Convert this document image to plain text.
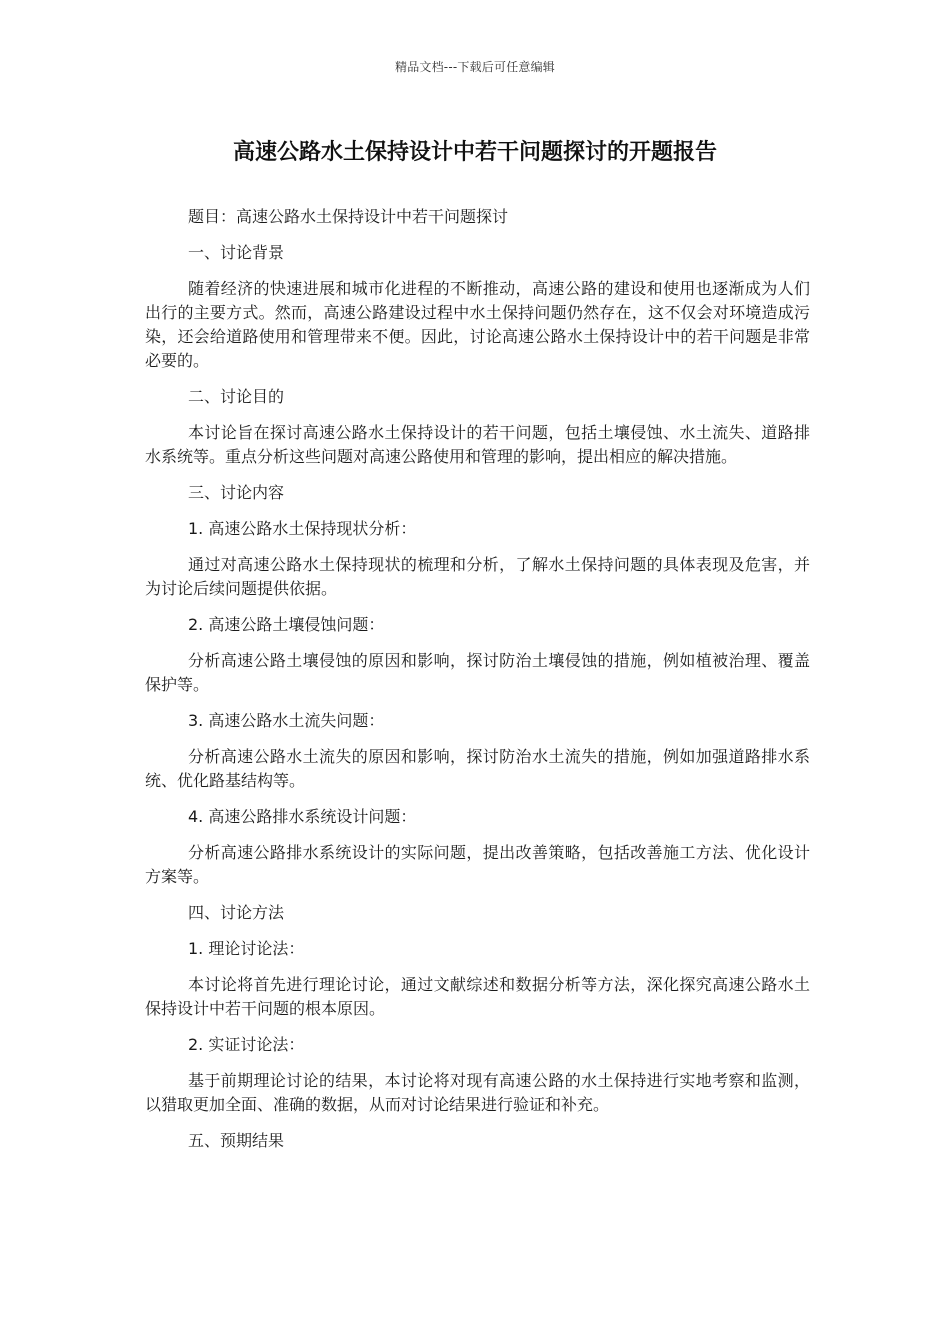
精品文档---下载后可任意编辑
高速公路水土保持设计中若干问题探讨的开题报告

题目：高速公路水土保持设计中若干问题探讨

一、讨论背景

随着经济的快速进展和城市化进程的不断推动，高速公路的建设和使用也逐渐成为人们出行的主要方式。然而，高速公路建设过程中水土保持问题仍然存在，这不仅会对环境造成污染，还会给道路使用和管理带来不便。因此，讨论高速公路水土保持设计中的若干问题是非常必要的。

二、讨论目的

本讨论旨在探讨高速公路水土保持设计的若干问题，包括土壤侵蚀、水土流失、道路排水系统等。重点分析这些问题对高速公路使用和管理的影响，提出相应的解决措施。

三、讨论内容

1. 高速公路水土保持现状分析：

通过对高速公路水土保持现状的梳理和分析，了解水土保持问题的具体表现及危害，并为讨论后续问题提供依据。

2. 高速公路土壤侵蚀问题：

分析高速公路土壤侵蚀的原因和影响，探讨防治土壤侵蚀的措施，例如植被治理、覆盖保护等。

3. 高速公路水土流失问题：

分析高速公路水土流失的原因和影响，探讨防治水土流失的措施，例如加强道路排水系统、优化路基结构等。

4. 高速公路排水系统设计问题：

分析高速公路排水系统设计的实际问题，提出改善策略，包括改善施工方法、优化设计方案等。

四、讨论方法

1. 理论讨论法：

本讨论将首先进行理论讨论，通过文献综述和数据分析等方法，深化探究高速公路水土保持设计中若干问题的根本原因。

2. 实证讨论法：

基于前期理论讨论的结果，本讨论将对现有高速公路的水土保持进行实地考察和监测，以猎取更加全面、准确的数据，从而对讨论结果进行验证和补充。

五、预期结果
